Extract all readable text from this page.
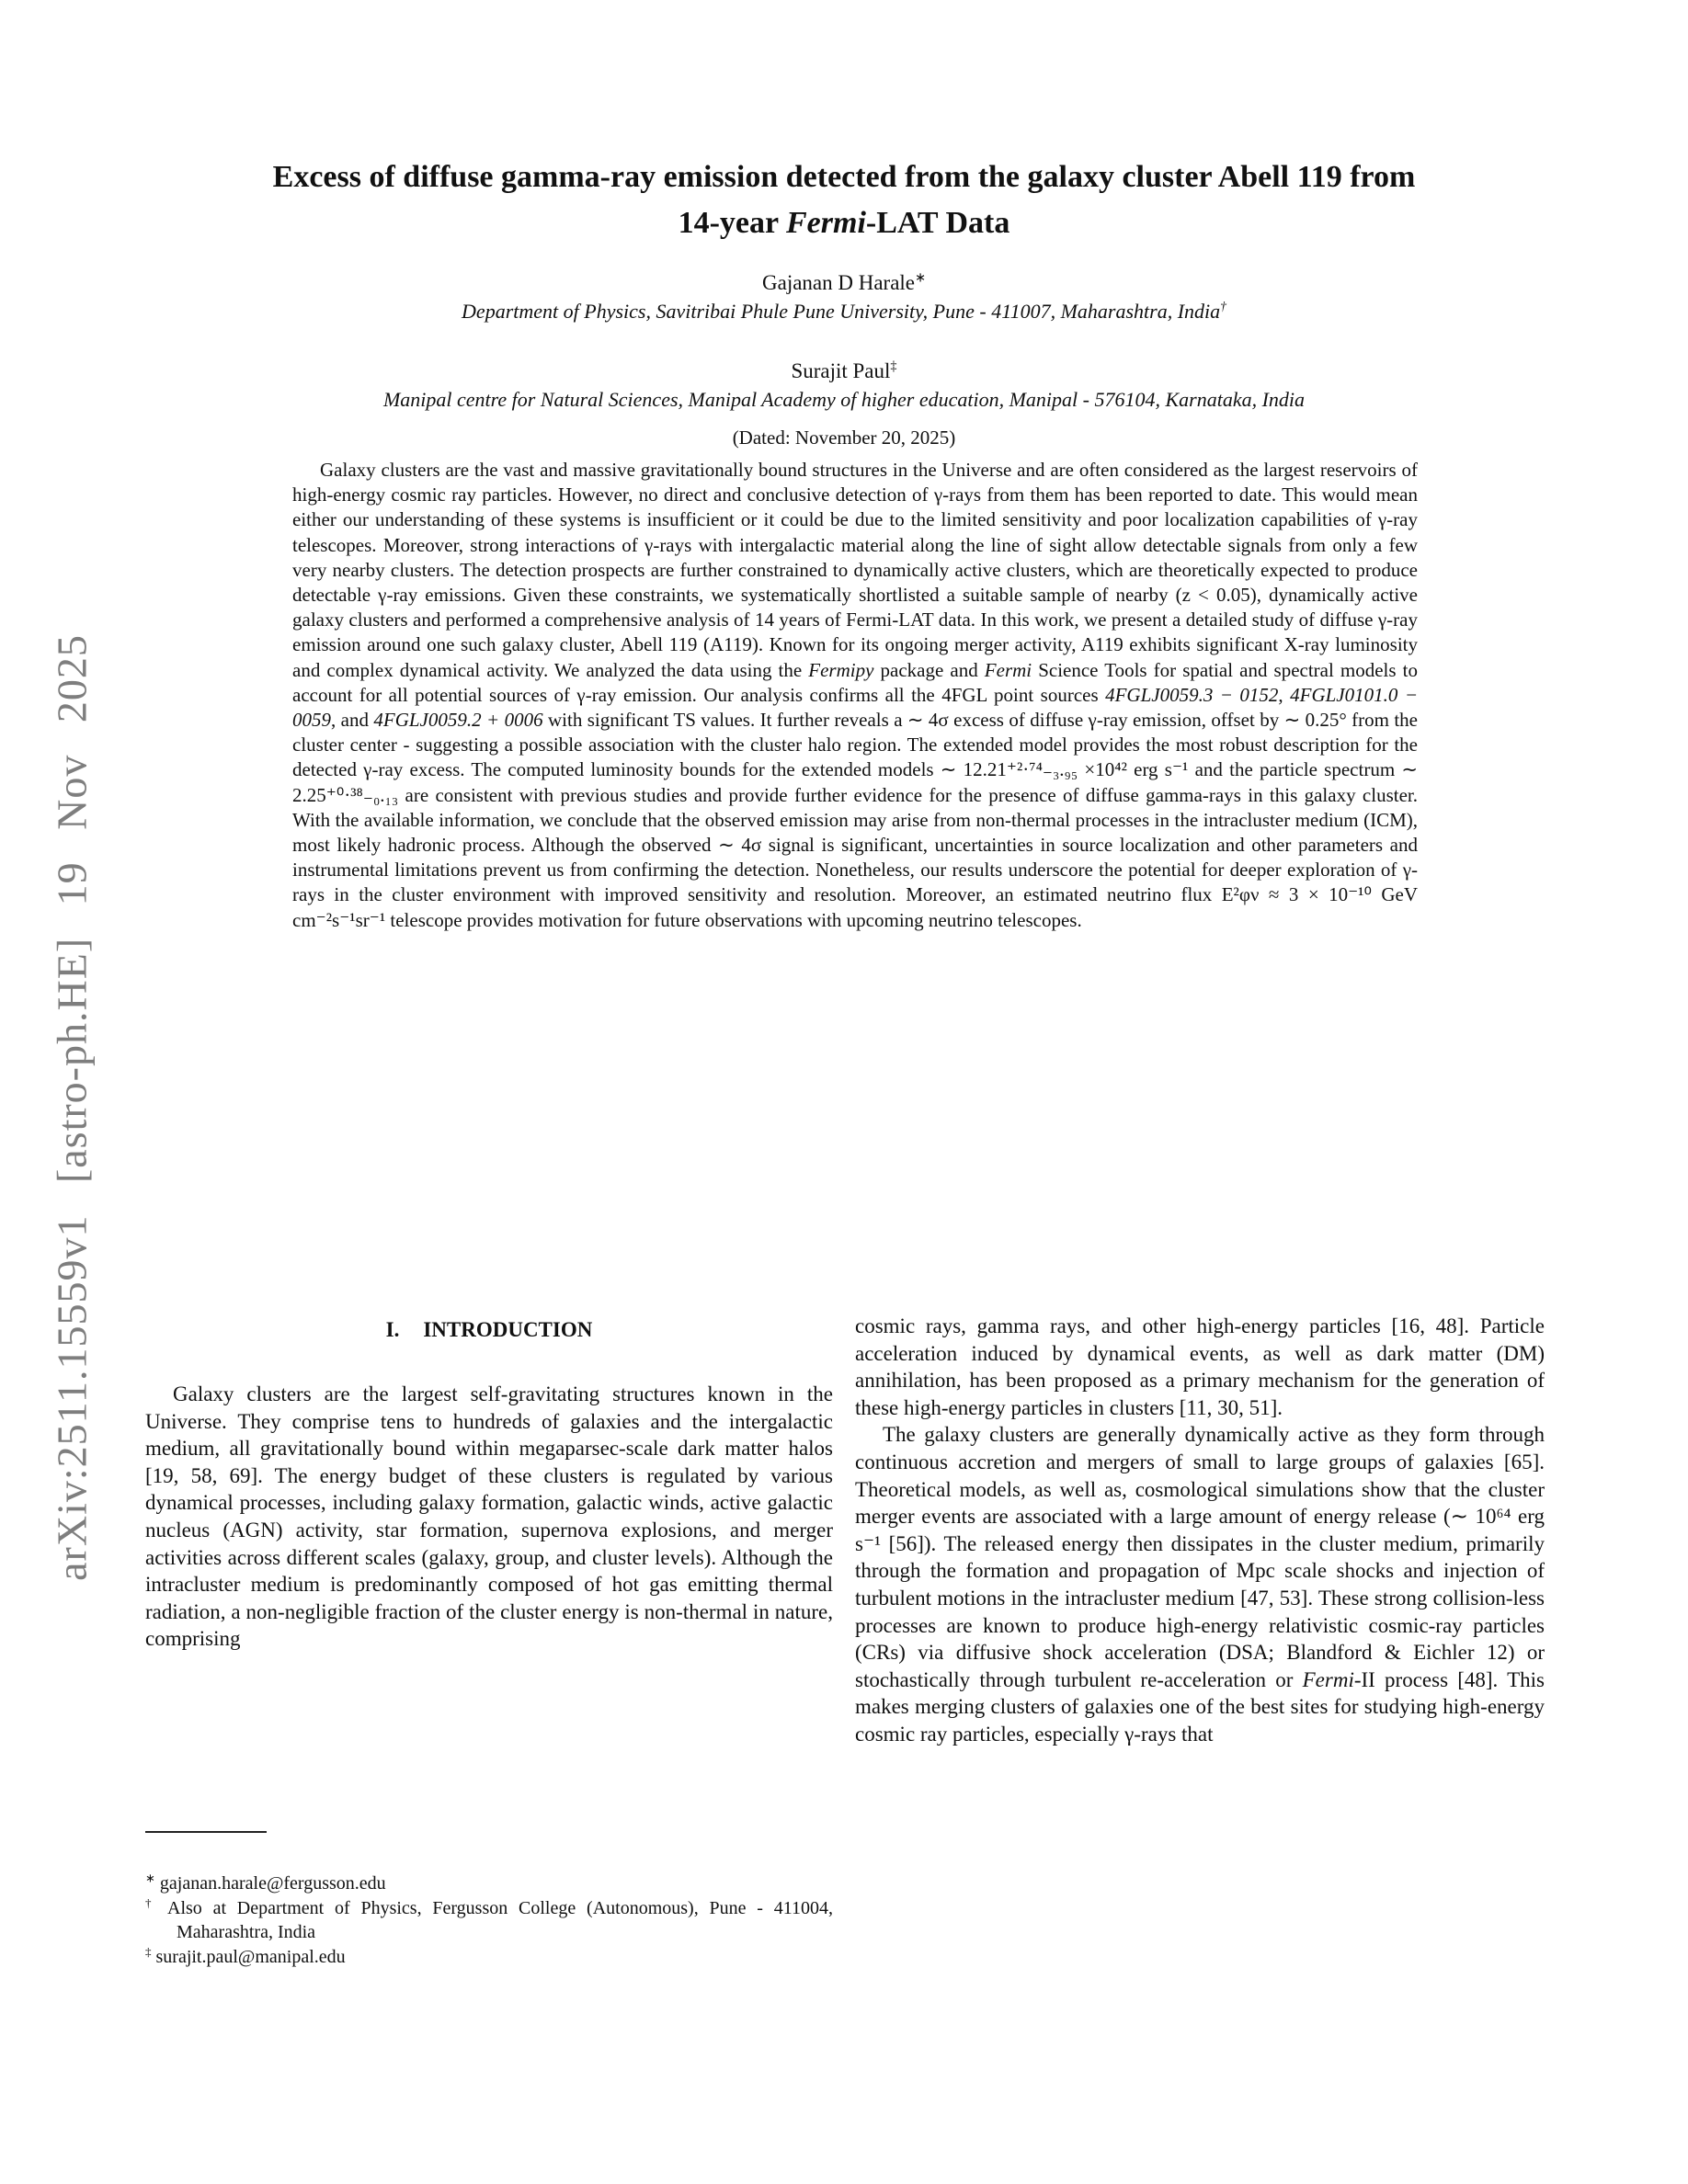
arXiv:2511.15559v1 [astro-ph.HE] 19 Nov 2025
Excess of diffuse gamma-ray emission detected from the galaxy cluster Abell 119 from
14-year Fermi-LAT Data
Gajanan D Harale∗
Department of Physics, Savitribai Phule Pune University, Pune - 411007, Maharashtra, India†
Surajit Paul‡
Manipal centre for Natural Sciences, Manipal Academy of higher education, Manipal - 576104, Karnataka, India
(Dated: November 20, 2025)
Galaxy clusters are the vast and massive gravitationally bound structures in the Universe and are often considered as the largest reservoirs of high-energy cosmic ray particles. However, no direct and conclusive detection of γ-rays from them has been reported to date. This would mean either our understanding of these systems is insufficient or it could be due to the limited sensitivity and poor localization capabilities of γ-ray telescopes. Moreover, strong interactions of γ-rays with intergalactic material along the line of sight allow detectable signals from only a few very nearby clusters. The detection prospects are further constrained to dynamically active clusters, which are theoretically expected to produce detectable γ-ray emissions. Given these constraints, we systematically shortlisted a suitable sample of nearby (z < 0.05), dynamically active galaxy clusters and performed a comprehensive analysis of 14 years of Fermi-LAT data. In this work, we present a detailed study of diffuse γ-ray emission around one such galaxy cluster, Abell 119 (A119). Known for its ongoing merger activity, A119 exhibits significant X-ray luminosity and complex dynamical activity. We analyzed the data using the Fermipy package and Fermi Science Tools for spatial and spectral models to account for all potential sources of γ-ray emission. Our analysis confirms all the 4FGL point sources 4FGLJ0059.3 − 0152, 4FGLJ0101.0 − 0059, and 4FGLJ0059.2 + 0006 with significant TS values. It further reveals a ∼ 4σ excess of diffuse γ-ray emission, offset by ∼ 0.25° from the cluster center - suggesting a possible association with the cluster halo region. The extended model provides the most robust description for the detected γ-ray excess. The computed luminosity bounds for the extended models ∼ 12.21⁺²·⁷⁴₋₃.₉₅ ×10⁴² erg s⁻¹ and the particle spectrum ∼ 2.25⁺⁰·³⁸₋₀.₁₃ are consistent with previous studies and provide further evidence for the presence of diffuse gamma-rays in this galaxy cluster. With the available information, we conclude that the observed emission may arise from non-thermal processes in the intracluster medium (ICM), most likely hadronic process. Although the observed ∼ 4σ signal is significant, uncertainties in source localization and other parameters and instrumental limitations prevent us from confirming the detection. Nonetheless, our results underscore the potential for deeper exploration of γ-rays in the cluster environment with improved sensitivity and resolution. Moreover, an estimated neutrino flux E²φν ≈ 3 × 10⁻¹⁰ GeV cm⁻²s⁻¹sr⁻¹ telescope provides motivation for future observations with upcoming neutrino telescopes.
I. INTRODUCTION

Galaxy clusters are the largest self-gravitating structures known in the Universe. They comprise tens to hundreds of galaxies and the intergalactic medium, all gravitationally bound within megaparsec-scale dark matter halos [19, 58, 69]. The energy budget of these clusters is regulated by various dynamical processes, including galaxy formation, galactic winds, active galactic nucleus (AGN) activity, star formation, supernova explosions, and merger activities across different scales (galaxy, group, and cluster levels). Although the intracluster medium is predominantly composed of hot gas emitting thermal radiation, a non-negligible fraction of the cluster energy is non-thermal in nature, comprising

cosmic rays, gamma rays, and other high-energy particles [16, 48]. Particle acceleration induced by dynamical events, as well as dark matter (DM) annihilation, has been proposed as a primary mechanism for the generation of these high-energy particles in clusters [11, 30, 51].

The galaxy clusters are generally dynamically active as they form through continuous accretion and mergers of small to large groups of galaxies [65]. Theoretical models, as well as, cosmological simulations show that the cluster merger events are associated with a large amount of energy release (∼ 10⁶⁴ erg s⁻¹ [56]). The released energy then dissipates in the cluster medium, primarily through the formation and propagation of Mpc scale shocks and injection of turbulent motions in the intracluster medium [47, 53]. These strong collision-less processes are known to produce high-energy relativistic cosmic-ray particles (CRs) via diffusive shock acceleration (DSA; Blandford & Eichler 12) or stochastically through turbulent re-acceleration or Fermi-II process [48]. This makes merging clusters of galaxies one of the best sites for studying high-energy cosmic ray particles, especially γ-rays that

∗ gajanan.harale@fergusson.edu
† Also at Department of Physics, Fergusson College (Autonomous), Pune - 411004, Maharashtra, India
‡ surajit.paul@manipal.edu
